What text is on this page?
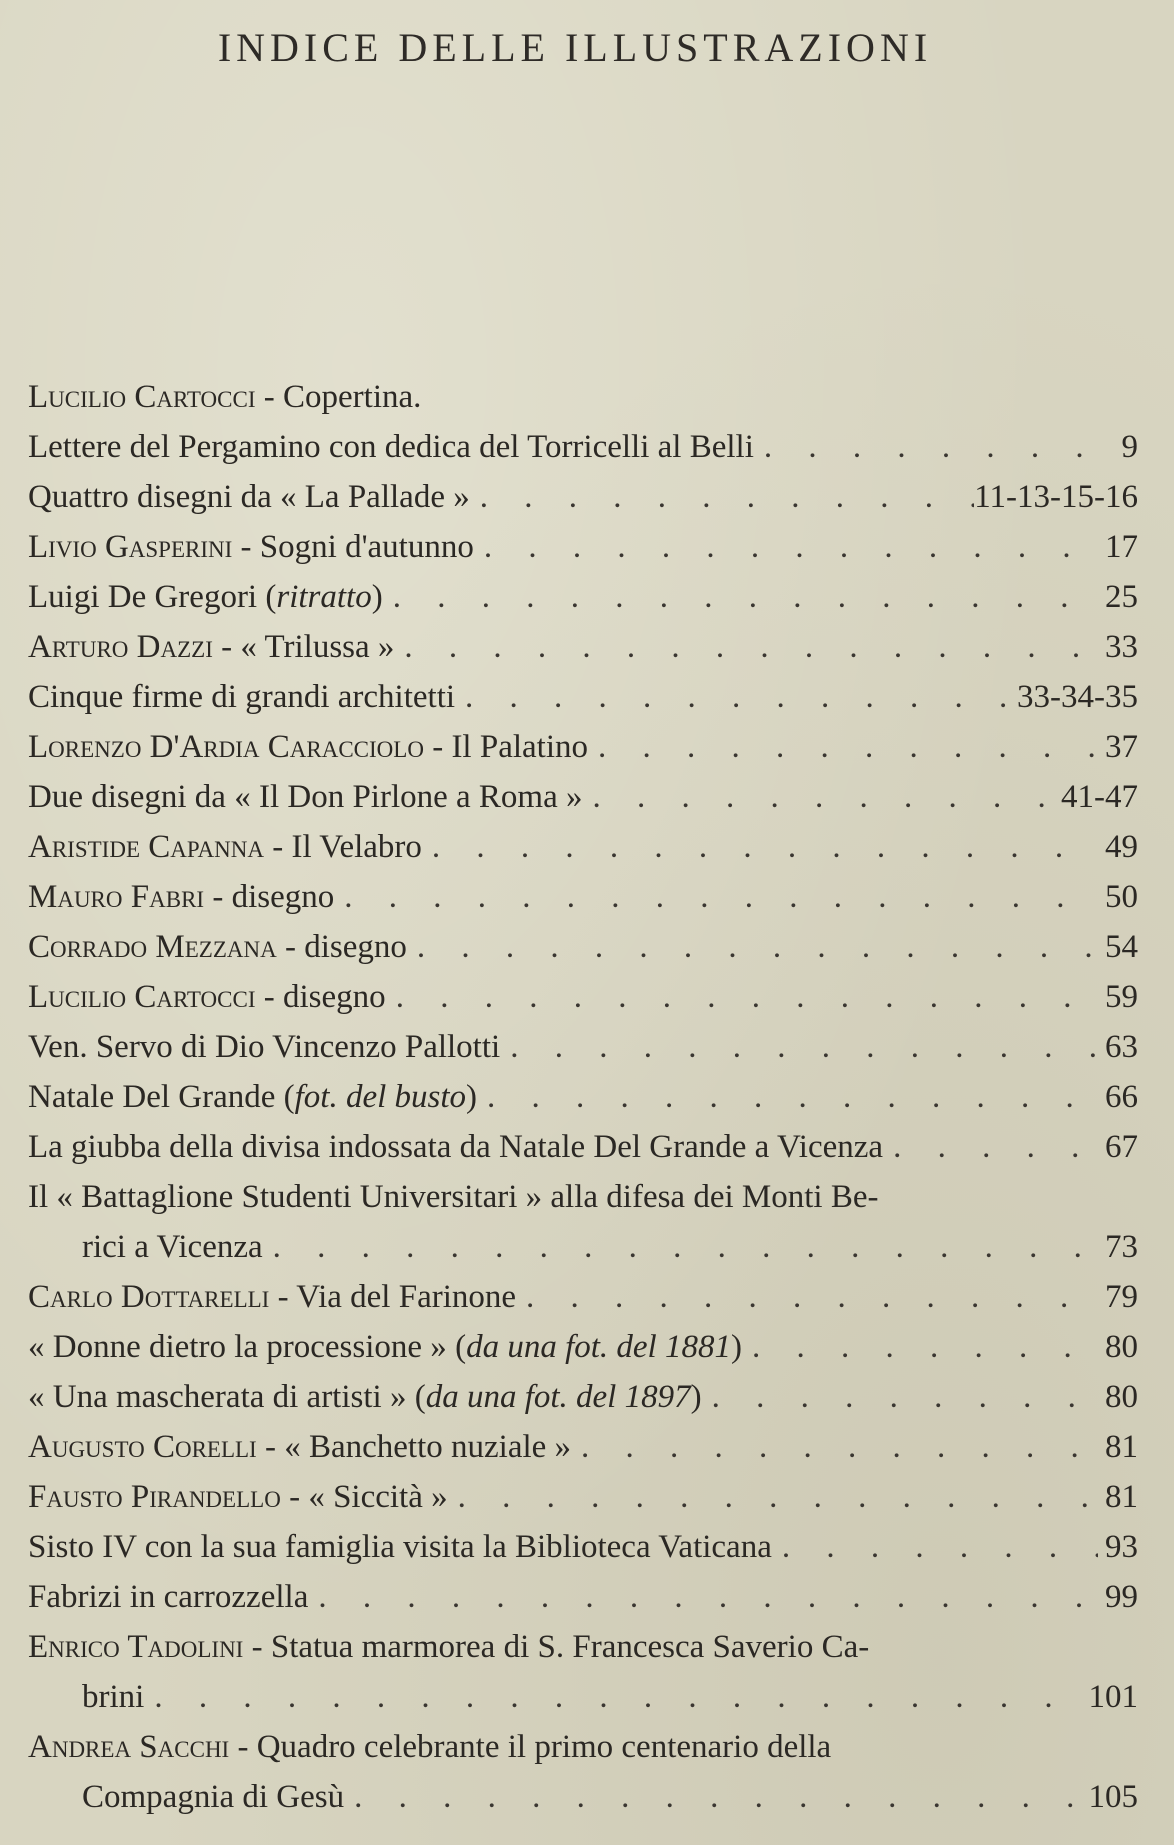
INDICE DELLE ILLUSTRAZIONI
Lucilio Cartocci - Copertina.
Lettere del Pergamino con dedica del Torricelli al Belli . . .	9
Quattro disegni da « La Pallade » . . .	11-13-15-16
Livio Gasperini - Sogni d'autunno . . .	17
Luigi De Gregori (ritratto) . . .	25
Arturo Dazzi - « Trilussa » . . .	33
Cinque firme di grandi architetti . . .	33-34-35
Lorenzo D'Ardia Caracciolo - Il Palatino . . .	37
Due disegni da « Il Don Pirlone a Roma » . . .	41-47
Aristide Capanna - Il Velabro . . .	49
Mauro Fabri - disegno . . .	50
Corrado Mezzana - disegno . . .	54
Lucilio Cartocci - disegno . . .	59
Ven. Servo di Dio Vincenzo Pallotti . . .	63
Natale Del Grande (fot. del busto) . . .	66
La giubba della divisa indossata da Natale Del Grande a Vicenza . . .	67
Il « Battaglione Studenti Universitari » alla difesa dei Monti Be-
rici a Vicenza . . .	73
Carlo Dottarelli - Via del Farinone . . .	79
« Donne dietro la processione » (da una fot. del 1881) . . .	80
« Una mascherata di artisti » (da una fot. del 1897) . . .	80
Augusto Corelli - « Banchetto nuziale » . . .	81
Fausto Pirandello - « Siccità » . . .	81
Sisto IV con la sua famiglia visita la Biblioteca Vaticana . . .	93
Fabrizi in carrozzella . . .	99
Enrico Tadolini - Statua marmorea di S. Francesca Saverio Ca-
brini . . .	101
Andrea Sacchi - Quadro celebrante il primo centenario della
Compagnia di Gesù . . .	105
